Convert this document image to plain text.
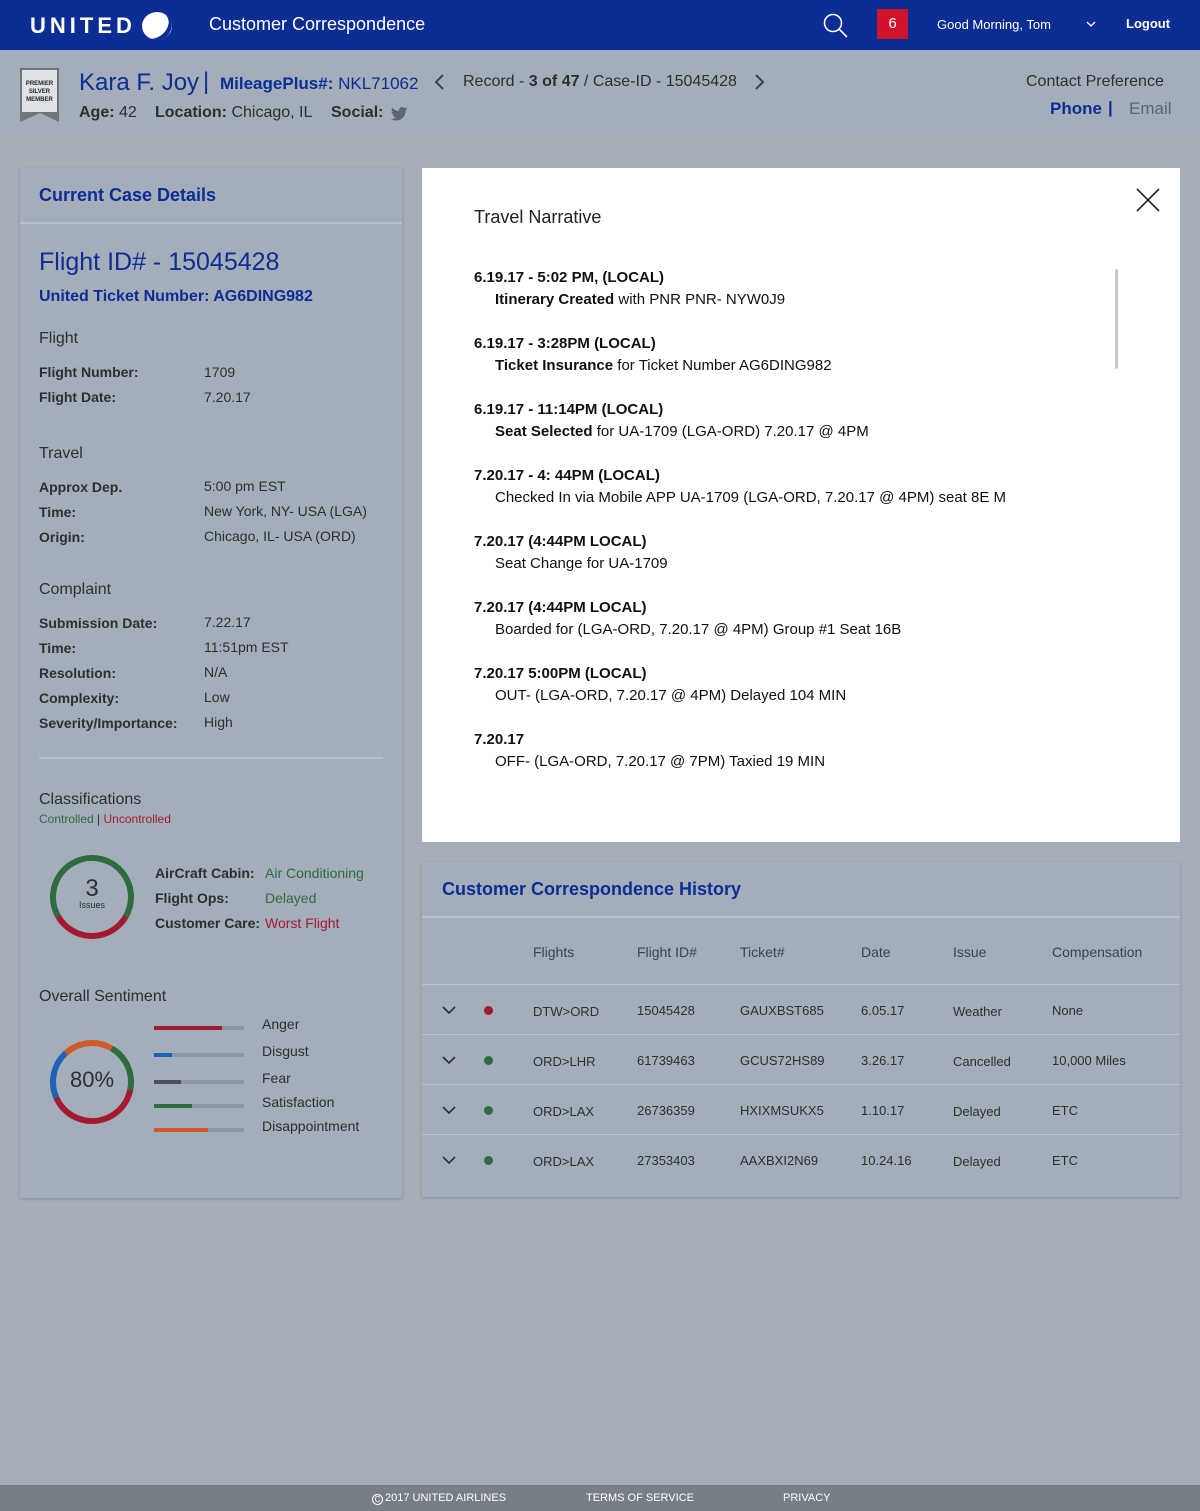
UNITED	Customer Correspondence	6	Good Morning, Tom	Logout
PREMIER
SILVER
MEMBER
Kara F. Joy | MileagePlus#: NKL71062
Age: 42 Location: Chicago, IL Social:
Record - 3 of 47 / Case-ID - 15045428	Contact Preference
Phone | Email
Current Case Details
Flight ID# - 15045428
United Ticket Number: AG6DING982
Flight
Flight Number:	1709
Flight Date:	7.20.17
Travel
Approx Dep.	5:00 pm EST
Time:	New York, NY- USA (LGA)
Origin:	Chicago, IL- USA (ORD)
Complaint
Submission Date:	7.22.17
Time:	11:51pm EST
Resolution:	N/A
Complexity:	Low
Severity/Importance: High
Classifications
Controlled | Uncontrolled
3
Issues
AirCraft Cabin: Air Conditioning
Flight Ops:	Delayed
Customer Care: Worst Flight
Overall Sentiment
80%
Anger
Disgust
Fear
Satisfaction
Disappointment
Travel Narrative
6.19.17 - 5:02 PM, (LOCAL)
Itinerary Created with PNR PNR- NYW0J9
6.19.17 - 3:28PM (LOCAL)
Ticket Insurance for Ticket Number AG6DING982
6.19.17 - 11:14PM (LOCAL)
Seat Selected for UA-1709 (LGA-ORD) 7.20.17 @ 4PM
7.20.17 - 4: 44PM (LOCAL)
Checked In via Mobile APP UA-1709 (LGA-ORD, 7.20.17 @ 4PM) seat 8E M
7.20.17 (4:44PM LOCAL)
Seat Change for UA-1709
7.20.17 (4:44PM LOCAL)
Boarded for (LGA-ORD, 7.20.17 @ 4PM) Group #1 Seat 16B
7.20.17 5:00PM (LOCAL)
OUT- (LGA-ORD, 7.20.17 @ 4PM) Delayed 104 MIN
7.20.17
OFF- (LGA-ORD, 7.20.17 @ 7PM) Taxied 19 MIN
Customer Correspondence History
Flights	Flight ID#	Ticket#	Date	Issue	Compensation
DTW>ORD	15045428	GAUXBST685	6.05.17	Weather	None
ORD>LHR	61739463	GCUS72HS89	3.26.17	Cancelled	10,000 Miles
ORD>LAX	26736359	HXIXMSUKX5	1.10.17	Delayed	ETC
ORD>LAX	27353403	AAXBXI2N69	10.24.16	Delayed	ETC
C 2017 UNITED AIRLINES	TERMS OF SERVICE	PRIVACY
